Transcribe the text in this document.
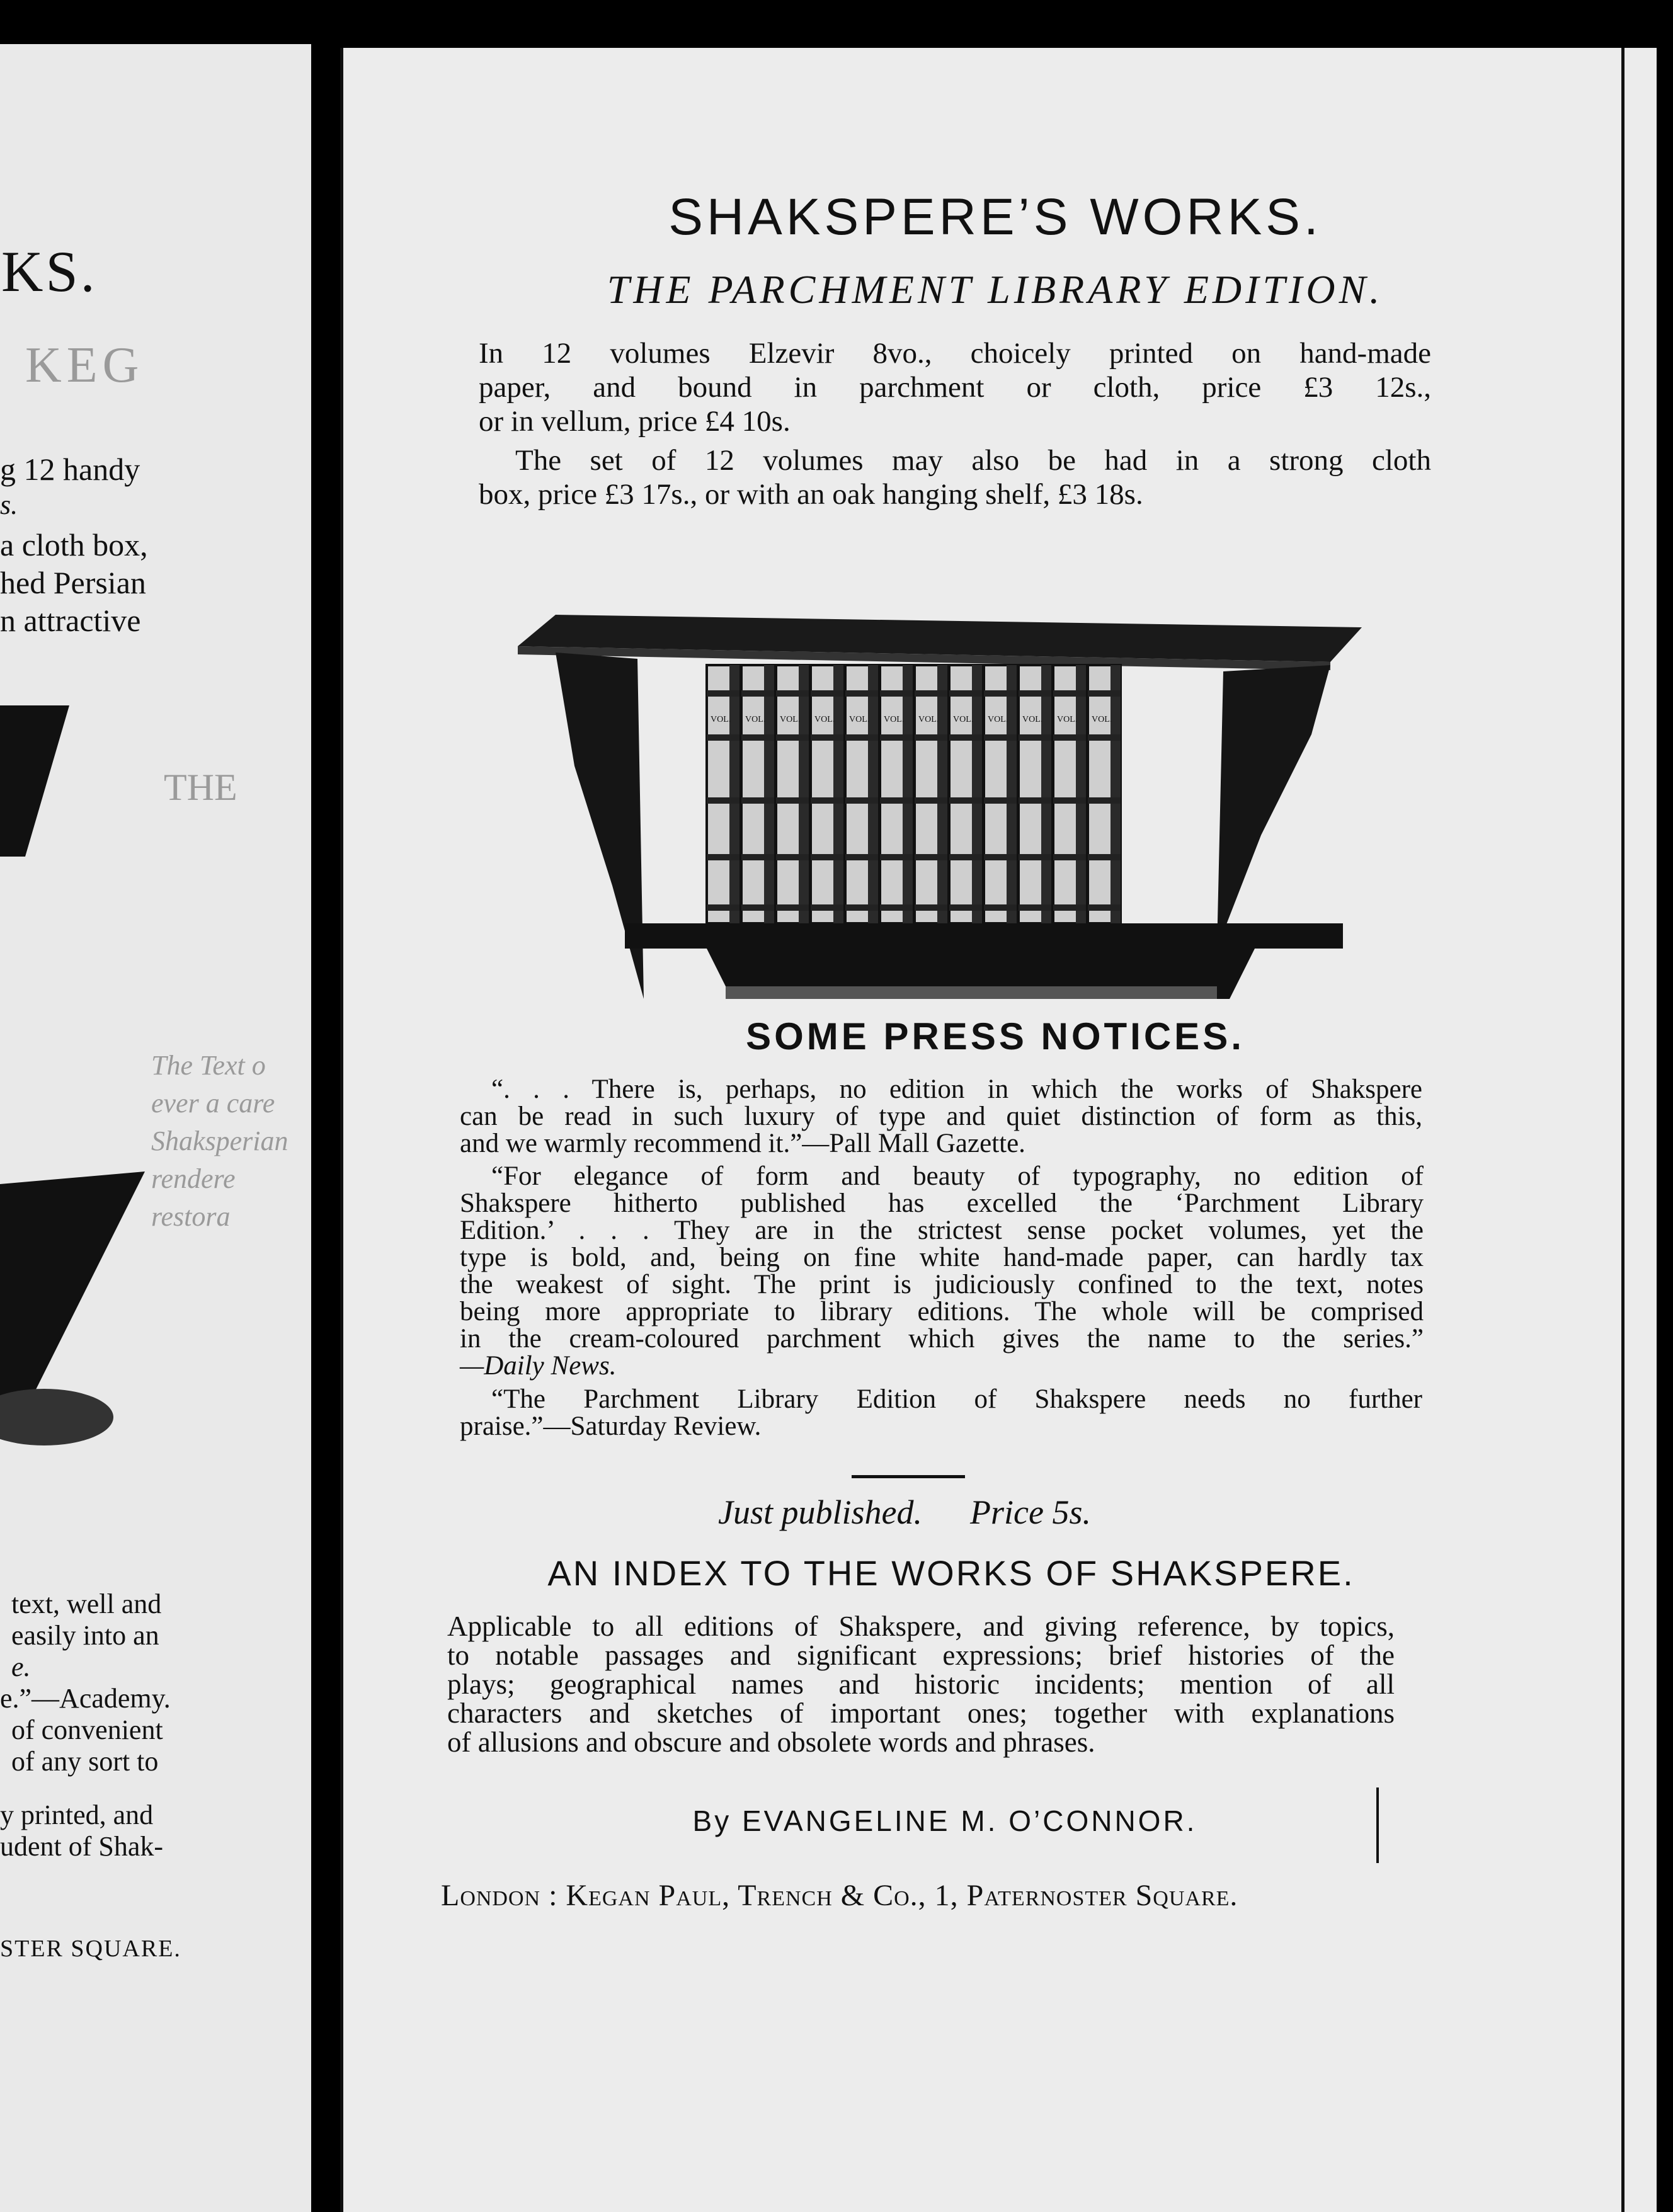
KS.
KEG
g 12 handy
s.
a cloth box,
hed Persian
n attractive
THE
The Text o
ever a care
Shaksperian
rendere
restora
text, well and
easily into an
e.
e.”—Academy.
of convenient
of any sort to
y printed, and
udent of Shak-
STER SQUARE.
SHAKSPERE’S WORKS.
THE PARCHMENT LIBRARY EDITION.
In 12 volumes Elzevir 8vo., choicely printed on hand-made
paper, and bound in parchment or cloth, price £3 12s.,
or in vellum, price £4 10s.
The set of 12 volumes may also be had in a strong cloth
box, price £3 17s., or with an oak hanging shelf, £3 18s.
VOL. VOL. VOL. VOL. VOL. VOL. VOL. VOL. VOL. VOL. VOL. VOL.
SOME PRESS NOTICES.
“. . . There is, perhaps, no edition in which the works of Shakspere
can be read in such luxury of type and quiet distinction of form as this,
and we warmly recommend it.”—Pall Mall Gazette.
“For elegance of form and beauty of typography, no edition of
Shakspere hitherto published has excelled the ‘Parchment Library
Edition.’ . . . They are in the strictest sense pocket volumes, yet the
type is bold, and, being on fine white hand-made paper, can hardly tax
the weakest of sight. The print is judiciously confined to the text, notes
being more appropriate to library editions. The whole will be comprised
in the cream-coloured parchment which gives the name to the series.”
—Daily News.
“The Parchment Library Edition of Shakspere needs no further
praise.”—Saturday Review.
Just published. Price 5s.
AN INDEX TO THE WORKS OF SHAKSPERE.
Applicable to all editions of Shakspere, and giving reference, by topics,
to notable passages and significant expressions; brief histories of the
plays; geographical names and historic incidents; mention of all
characters and sketches of important ones; together with explanations
of allusions and obscure and obsolete words and phrases.
By EVANGELINE M. O’CONNOR.
London : Kegan Paul, Trench & Co., 1, Paternoster Square.
